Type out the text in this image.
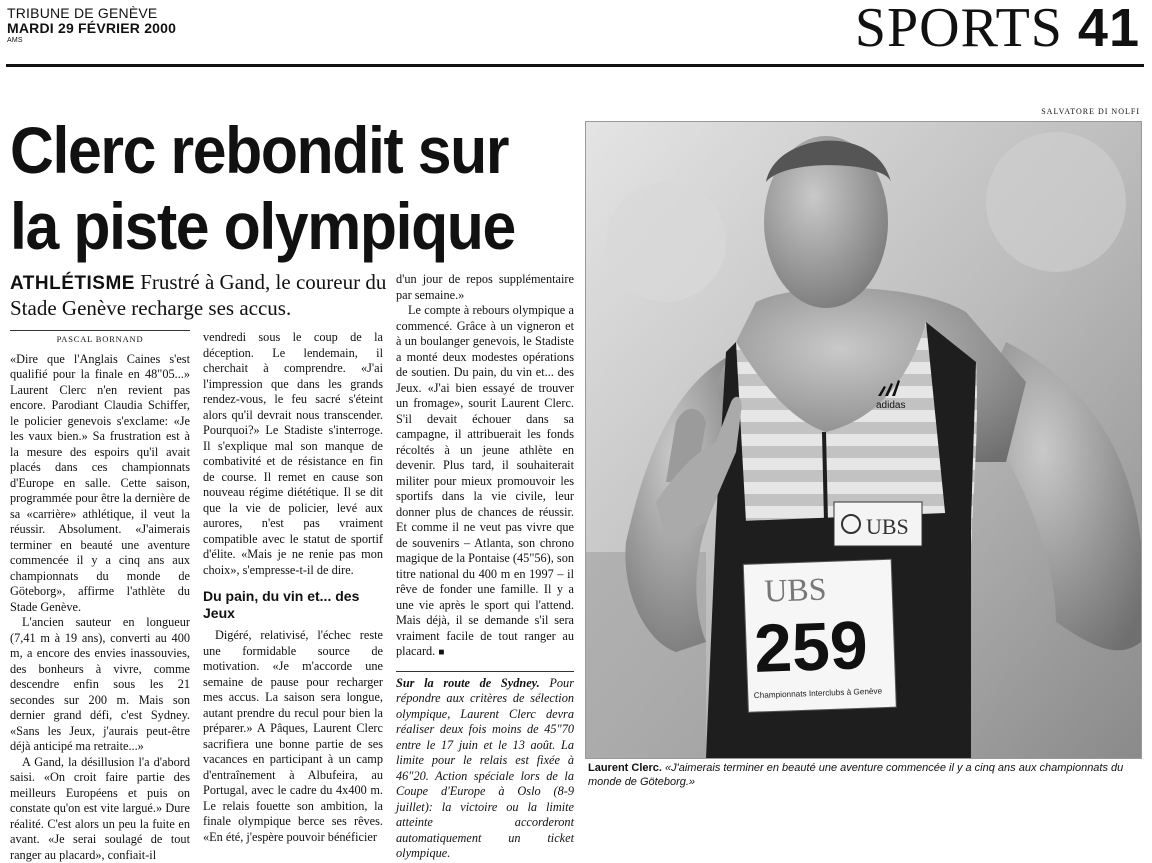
TRIBUNE DE GENÈVE
MARDI 29 FÉVRIER 2000
AMS	SPORTS 41
SALVATORE DI NOLFI
Clerc rebondit sur la piste olympique
ATHLÉTISME Frustré à Gand, le coureur du Stade Genève recharge ses accus.
PASCAL BORNAND

«Dire que l'Anglais Caines s'est qualifié pour la finale en 48"05...» Laurent Clerc n'en revient pas encore. Parodiant Claudia Schiffer, le policier genevois s'exclame: «Je les vaux bien.» Sa frustration est à la mesure des espoirs qu'il avait placés dans ces championnats d'Europe en salle. Cette saison, programmée pour être la dernière de sa «carrière» athlétique, il veut la réussir. Absolument. «J'aimerais terminer en beauté une aventure commencée il y a cinq ans aux championnats du monde de Göteborg», affirme l'athlète du Stade Genève.

L'ancien sauteur en longueur (7,41 m à 19 ans), converti au 400 m, a encore des envies inassouvies, des bonheurs à vivre, comme descendre enfin sous les 21 secondes sur 200 m. Mais son dernier grand défi, c'est Sydney. «Sans les Jeux, j'aurais peut-être déjà anticipé ma retraite...»

A Gand, la désillusion l'a d'abord saisi. «On croit faire partie des meilleurs Européens et puis on constate qu'on est vite largué.» Dure réalité. C'est alors un peu la fuite en avant. «Je serai soulagé de tout ranger au placard», confiait-il

vendredi sous le coup de la déception. Le lendemain, il cherchait à comprendre. «J'ai l'impression que dans les grands rendez-vous, le feu sacré s'éteint alors qu'il devrait nous transcender. Pourquoi?» Le Stadiste s'interroge. Il s'explique mal son manque de combativité et de résistance en fin de course. Il remet en cause son nouveau régime diététique. Il se dit que la vie de policier, levé aux aurores, n'est pas vraiment compatible avec le statut de sportif d'élite. «Mais je ne renie pas mon choix», s'empresse-t-il de dire.

Du pain, du vin et... des Jeux

Digéré, relativisé, l'échec reste une formidable source de motivation. «Je m'accorde une semaine de pause pour recharger mes accus. La saison sera longue, autant prendre du recul pour bien la préparer.» A Pâques, Laurent Clerc sacrifiera une bonne partie de ses vacances en participant à un camp d'entraînement à Albufeira, au Portugal, avec le cadre du 4x400 m. Le relais fouette son ambition, la finale olympique berce ses rêves. «En été, j'espère pouvoir bénéficier

d'un jour de repos supplémentaire par semaine.»

Le compte à rebours olympique a commencé. Grâce à un vigneron et à un boulanger genevois, le Stadiste a monté deux modestes opérations de soutien. Du pain, du vin et... des Jeux. «J'ai bien essayé de trouver un fromage», sourit Laurent Clerc. S'il devait échouer dans sa campagne, il attribuerait les fonds récoltés à un jeune athlète en devenir. Plus tard, il souhaiterait militer pour mieux promouvoir les sportifs dans la vie civile, leur donner plus de chances de réussir. Et comme il ne veut pas vivre que de souvenirs – Atlanta, son chrono magique de la Pontaise (45"56), son titre national du 400 m en 1997 – il rêve de fonder une famille. Il y a une vie après le sport qui l'attend. Mais déjà, il se demande s'il sera vraiment facile de tout ranger au placard. ■

Sur la route de Sydney. Pour répondre aux critères de sélection olympique, Laurent Clerc devra réaliser deux fois moins de 45"70 entre le 17 juin et le 13 août. La limite pour le relais est fixée à 46"20. Action spéciale lors de la Coupe d'Europe à Oslo (8-9 juillet): la victoire ou la limite atteinte accorderont automatiquement un ticket olympique.
adidas
UBS
UBS
259
Championnats Interclubs à Genève
Laurent Clerc. «J'aimerais terminer en beauté une aventure commencée il y a cinq ans aux championnats du monde de Göteborg.»
